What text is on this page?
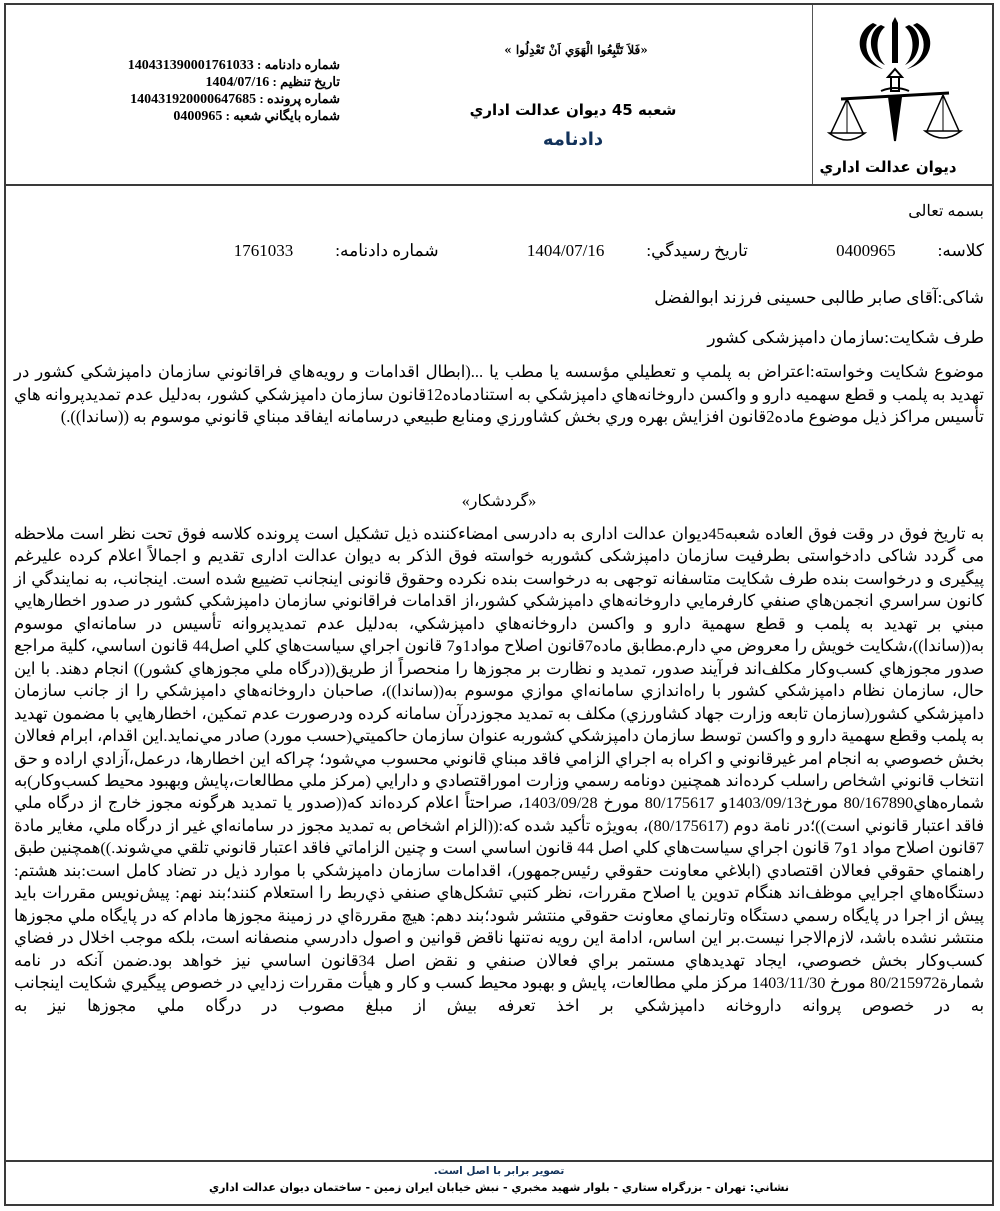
ديوان عدالت اداري
«فَلاَ تَتَّبِعُوا الْهَوَي اَنْ تَعْدِلُوا »
شعبه 45 ديوان عدالت اداري
دادنامه
شماره دادنامه : 140431390001761033
تاريخ تنظيم : 1404/07/16
شماره پرونده : 140431920000647685
شماره بايگاني شعبه : 0400965
بسمه تعالی
کلاسه:0400965 تاریخ رسیدگي:1404/07/16 شماره دادنامه:1761033
شاکی:آقای صابر طالبی حسینی فرزند ابوالفضل
طرف شکایت:سازمان دامپزشکی کشور
موضوع شکایت وخواسته:اعتراض به پلمپ و تعطيلي مؤسسه يا مطب يا ...(ابطال اقدامات و رويه‌هاي فراقانوني سازمان دامپزشکي کشور در تهديد به پلمب و قطع سهميه دارو و واکسن داروخانه‌هاي دامپزشکي به استنادماده12قانون سازمان دامپزشکي کشور، به‌دليل عدم تمديدپروانه هاي تأسيس مراکز ذيل موضوع ماده2قانون افزايش بهره وري بخش کشاورزي ومنابع طبيعي درسامانه ايفاقد مبناي قانوني موسوم به ((ساندا)).)
«گردشکار»
به تاریخ فوق در وقت فوق العاده شعبه45دیوان عدالت اداری به دادرسی امضاءکننده ذیل تشکیل است پرونده کلاسه فوق تحت نظر است ملاحظه می گردد شاکی دادخواستی بطرفیت سازمان دامپزشکی کشوربه خواسته فوق الذکر به دیوان عدالت اداری تقدیم و اجمالاً اعلام کرده علیرغم پیگیری و درخواست بنده طرف شکایت متاسفانه توجهی به درخواست بنده نکرده وحقوق قانونی اینجانب تضییع شده است. اینجانب، به نمايندگي از كانون سراسري انجمن‌هاي صنفي كارفرمايي داروخانه‌هاي دامپزشكي كشور،از اقدامات فراقانوني سازمان دامپزشكي كشور در صدور اخطارهايي مبني بر تهديد به پلمب و قطع سهمية دارو و واكسن داروخانه‌هاي دامپزشكي، به‌دليل عدم تمديدپروانه تأسيس در سامانه‌اي موسوم به((ساندا))،شكايت خويش را معروض مي دارم.مطابق ماده7قانون اصلاح مواد1و7 قانون اجراي سياست‌هاي كلي اصل44 قانون اساسي، كلية مراجع صدور مجوزهاي كسب‌وكار مكلف‌اند فرآيند صدور، تمديد و نظارت بر مجوزها را منحصراً از طريق((درگاه ملي مجوزهاي كشور)) انجام دهند. با اين حال، سازمان نظام دامپزشكي كشور با راه‌اندازي سامانه‌اي موازي موسوم به((ساندا))، صاحبان داروخانه‌هاي دامپزشكي را از جانب سازمان دامپزشكي كشور(سازمان تابعه وزارت جهاد كشاورزي) مكلف به تمديد مجوزدرآن سامانه كرده ودرصورت عدم تمكين، اخطارهايي با مضمون تهديد به پلمب وقطع سهمية دارو و واكسن توسط سازمان دامپزشكي كشوربه عنوان سازمان حاكميتي(حسب مورد) صادر مي‌نمايد.اين اقدام، ابرام فعالان بخش خصوصي به انجام امر غيرقانوني و اكراه به اجراي الزامي فاقد مبناي قانوني محسوب مي‌شود؛ چراكه اين اخطارها، درعمل،آزادي اراده و حق انتخاب قانوني اشخاص راسلب كرده‌اند همچنين دونامه رسمي وزارت اموراقتصادي و دارايي (مركز ملي مطالعات،پايش وبهبود محيط كسب‌وكار)به شماره‌هاي80/167890 مورخ1403/09/13و 80/175617 مورخ 1403/09/28، صراحتاً اعلام كرده‌اند كه((صدور يا تمديد هرگونه مجوز خارج از درگاه ملي فاقد اعتبار قانوني است))؛در نامة دوم (80/175617)، به‌ويژه تأكيد شده كه:((الزام اشخاص به تمديد مجوز در سامانه‌اي غير از درگاه ملي، مغاير مادة 7قانون اصلاح مواد 1و7 قانون اجراي سياست‌هاي كلي اصل 44 قانون اساسي است و چنين الزاماتي فاقد اعتبار قانوني تلقي مي‌شوند.))همچنين طبق راهنماي حقوقي فعالان اقتصادي (ابلاغي معاونت حقوقي رئيس‌جمهور)، اقدامات سازمان دامپزشكي با موارد ذيل در تضاد كامل است:بند هشتم: دستگاه‌هاي اجرايي موظف‌اند هنگام تدوين يا اصلاح مقررات، نظر كتبي تشكل‌هاي صنفي ذي‌ربط را استعلام كنند؛بند نهم: پيش‌نويس مقررات بايد پيش از اجرا در پايگاه رسمي دستگاه وتارنماي معاونت حقوقي منتشر شود؛بند دهم: هيچ مقررة‌اي در زمينة مجوزها مادام كه در پايگاه ملي مجوزها منتشر نشده باشد، لازم‌الاجرا نيست.بر اين اساس، ادامة اين رويه نه‌تنها ناقض قوانين و اصول دادرسي منصفانه است، بلكه موجب اخلال در فضاي كسب‌وكار بخش خصوصي، ايجاد تهديدهاي مستمر براي فعالان صنفي و نقض اصل 34قانون اساسي نيز خواهد بود.ضمن آنكه در نامه شمارة80/215972 مورخ 1403/11/30 مركز ملي مطالعات، پايش و بهبود محيط كسب و كار و هيأت مقررات زدايي در خصوص پيگيري شكايت اينجانب به در خصوص پروانه داروخانه دامپزشكي بر اخذ تعرفه بيش از مبلغ مصوب در درگاه ملي مجوزها نيز به
تصوير برابر با اصل است.
نشاني: تهران - بزرگراه ستاري - بلوار شهيد مخبري - نبش خيابان ايران زمين - ساختمان ديوان عدالت اداري
